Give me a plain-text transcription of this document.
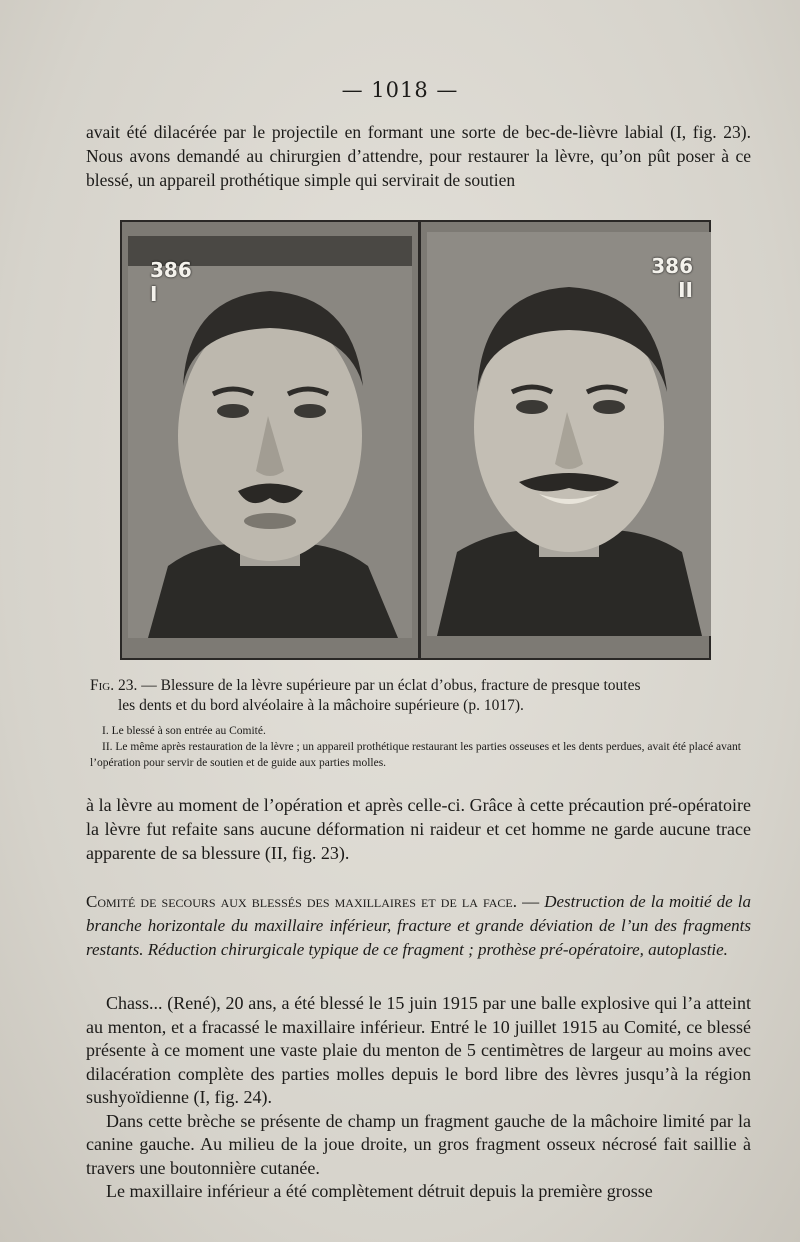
— 1018 —
avait été dilacérée par le projectile en formant une sorte de bec-de-lièvre labial (I, fig. 23). Nous avons demandé au chirurgien d’attendre, pour restaurer la lèvre, qu’on pût poser à ce blessé, un appareil prothétique simple qui servirait de soutien
386
I
386
II
Fig. 23. — Blessure de la lèvre supérieure par un éclat d’obus, fracture de presque toutes
les dents et du bord alvéolaire à la mâchoire supérieure (p. 1017).
I. Le blessé à son entrée au Comité.
II. Le même après restauration de la lèvre ; un appareil prothétique restaurant les parties osseuses et les dents perdues, avait été placé avant l’opération pour servir de soutien et de guide aux parties molles.
à la lèvre au moment de l’opération et après celle-ci. Grâce à cette précaution pré-opératoire la lèvre fut refaite sans aucune déformation ni raideur et cet homme ne garde aucune trace apparente de sa blessure (II, fig. 23).
Comité de secours aux blessés des maxillaires et de la face. — Destruction de la moitié de la branche horizontale du maxillaire inférieur, fracture et grande déviation de l’un des fragments restants. Réduction chirurgicale typique de ce fragment ; prothèse pré-opératoire, autoplastie.
Chass... (René), 20 ans, a été blessé le 15 juin 1915 par une balle explosive qui l’a atteint au menton, et a fracassé le maxillaire inférieur. Entré le 10 juillet 1915 au Comité, ce blessé présente à ce moment une vaste plaie du menton de 5 centimètres de largeur au moins avec dilacération complète des parties molles depuis le bord libre des lèvres jusqu’à la région sushyoïdienne (I, fig. 24).
Dans cette brèche se présente de champ un fragment gauche de la mâchoire limité par la canine gauche. Au milieu de la joue droite, un gros fragment osseux nécrosé fait saillie à travers une boutonnière cutanée.
Le maxillaire inférieur a été complètement détruit depuis la première grosse
